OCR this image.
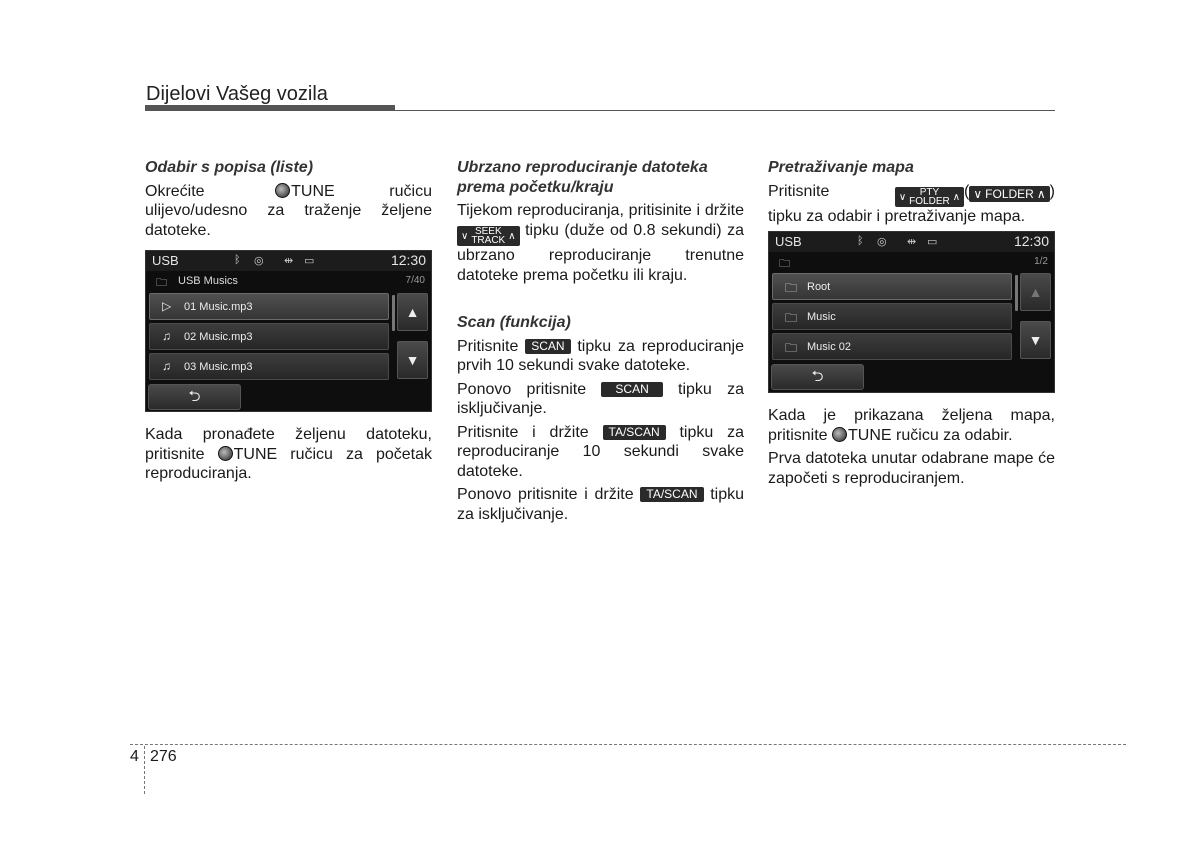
Dijelovi Vašeg vozila
Odabir s popisa (liste)

Okrećite	TUNE	ručicu ulijevo/udesno za traženje željene datoteke.

USB	ᛒ ◎ ⇹ ▭	12:30
🗀 USB Musics	7/40
▷ 01 Music.mp3
♫ 02 Music.mp3
♫ 03 Music.mp3
▲
▼
⮌

Kada pronađete željenu datoteku, pritisnite TUNE ručicu za početak reproduciranja.

Ubrzano reproduciranje datoteka prema početku/kraju

Tijekom reproduciranja, pritisinite i držite
∨ SEEK
TRACK ∧ tipku (duže od 0.8 sekundi) za ubrzano reproduciranje trenutne datoteke prema početku ili kraju.

Scan (funkcija)

Pritisnite SCAN tipku za reproduciranje prvih 10 sekundi svake datoteke.

Ponovo pritisnite SCAN tipku za isključivanje.

Pritisnite i držite TA/SCAN tipku za reproduciranje 10 sekundi svake datoteke.

Ponovo pritisnite i držite TA/SCAN tipku za isključivanje.

Pretraživanje mapa

Pritisnite	∨	PTY
FOLDER ∧ ( ∨ FOLDER ∧ ) tipku za odabir i pretraživanje mapa.

USB	ᛒ ◎ ⇹ ▭	12:30
🗀	1/2
🗀 Root
🗀 Music
🗀 Music 02
▲
▼
⮌

Kada je prikazana željena mapa, pritisnite TUNE ručicu za odabir.

Prva datoteka unutar odabrane mape će započeti s reproduciranjem.

4 276
